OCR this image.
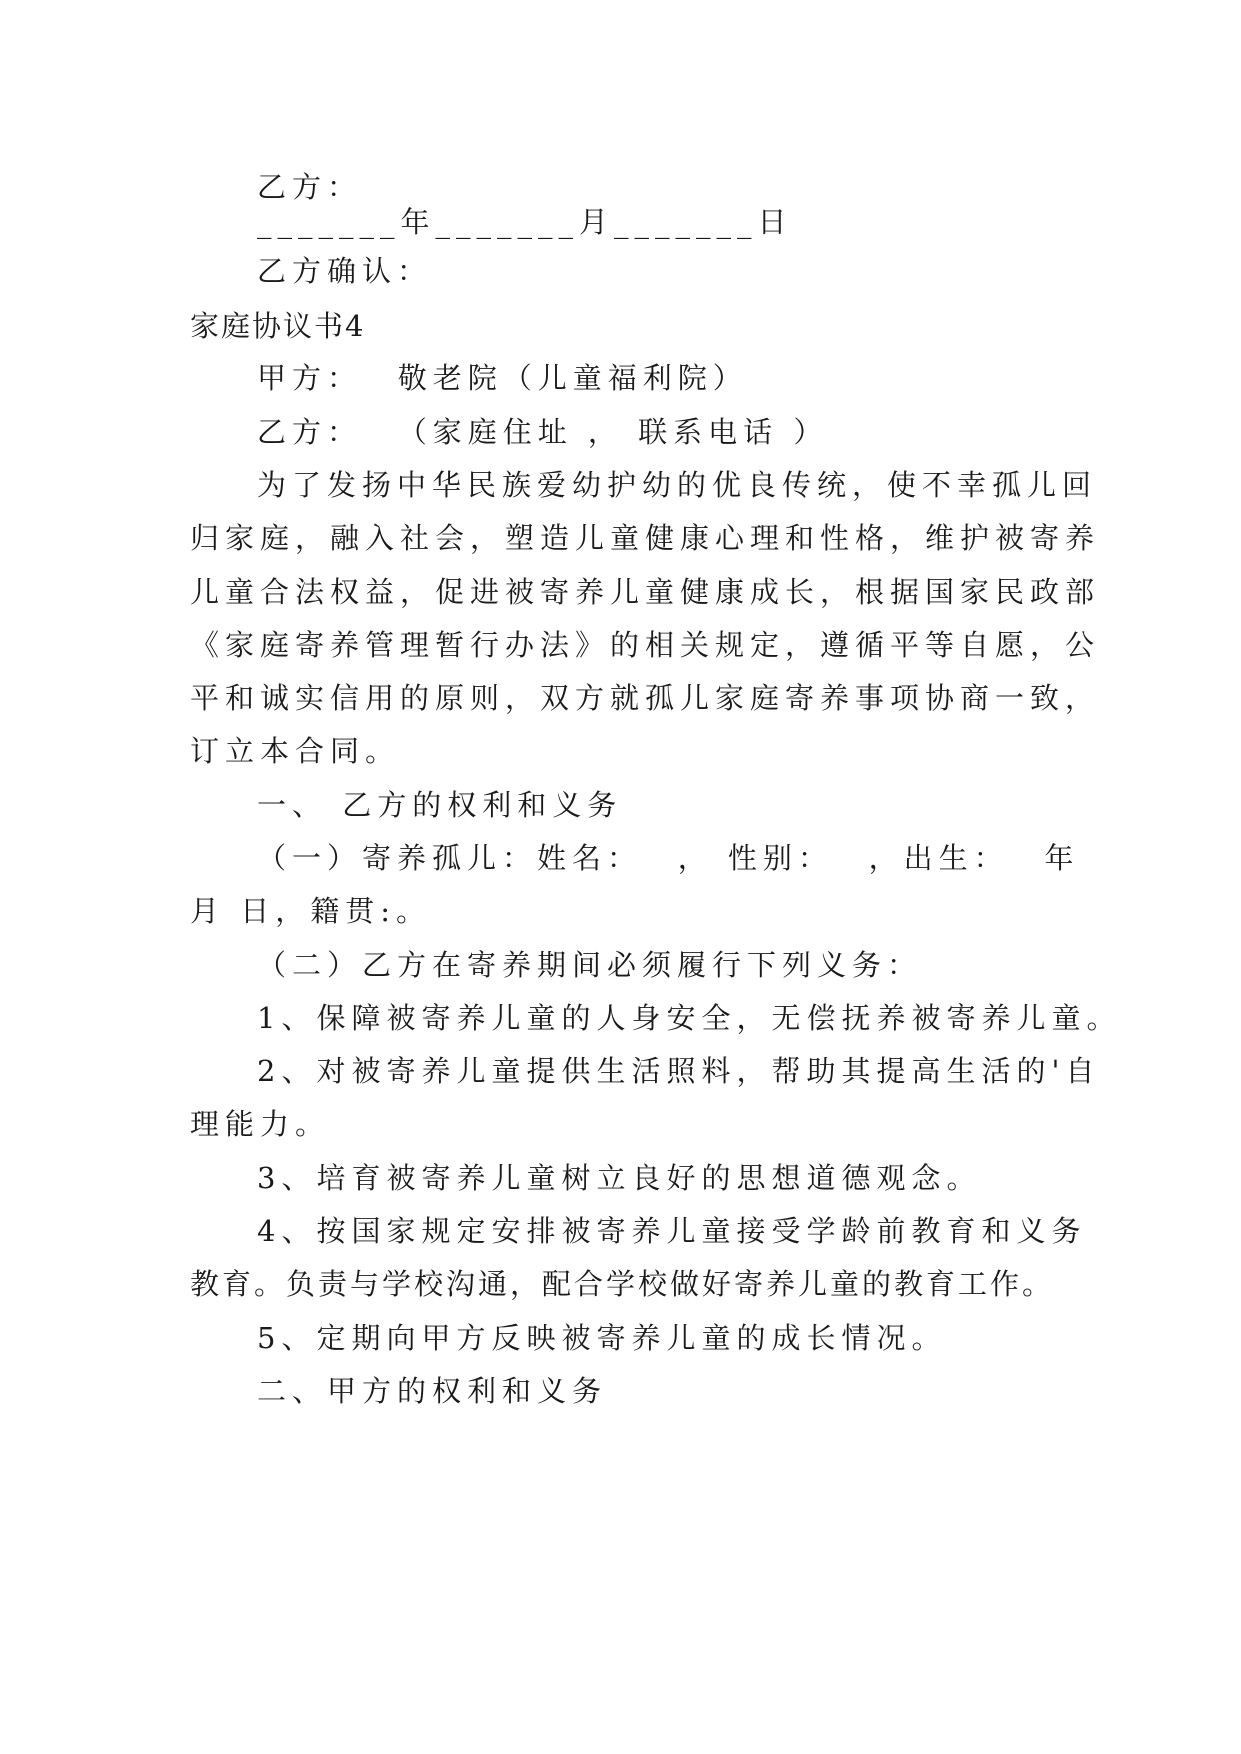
乙方：
_______年_______月_______日
乙方确认：
家庭协议书4
甲方：　 敬老院（儿童福利院）
乙方：　 （家庭住址 ， 联系电话 ）
为了发扬中华民族爱幼护幼的优良传统，使不幸孤儿回
归家庭，融入社会，塑造儿童健康心理和性格，维护被寄养
儿童合法权益，促进被寄养儿童健康成长，根据国家民政部
《家庭寄养管理暂行办法》的相关规定，遵循平等自愿，公
平和诚实信用的原则，双方就孤儿家庭寄养事项协商一致，
订立本合同。
一、 乙方的权利和义务
（一）寄养孤儿：姓名：　 ， 性别：　 ，出生：　 年
月 日，籍贯:。
（二）乙方在寄养期间必须履行下列义务：
1、保障被寄养儿童的人身安全，无偿抚养被寄养儿童。
2、对被寄养儿童提供生活照料，帮助其提高生活的'自
理能力。
3、培育被寄养儿童树立良好的思想道德观念。
4、按国家规定安排被寄养儿童接受学龄前教育和义务
教育。负责与学校沟通，配合学校做好寄养儿童的教育工作。
5、定期向甲方反映被寄养儿童的成长情况。
二、甲方的权利和义务
